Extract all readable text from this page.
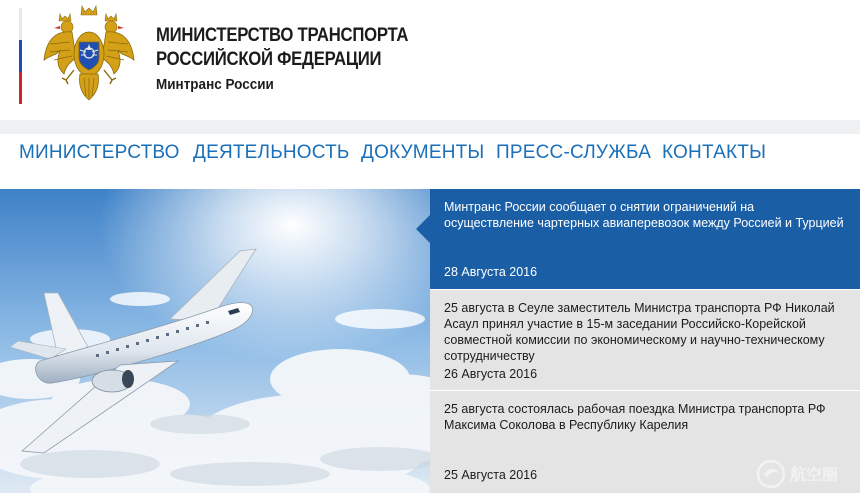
МИНИСТЕРСТВО ТРАНСПОРТА
РОССИЙСКОЙ ФЕДЕРАЦИИ
Минтранс России
МИНИСТЕРСТВО ДЕЯТЕЛЬНОСТЬ ДОКУМЕНТЫ ПРЕСС-СЛУЖБА КОНТАКТЫ
Минтранс России сообщает о снятии ограничений на осуществление чартерных авиаперевозок между Россией и Турцией
28 Августа 2016
25 августа в Сеуле заместитель Министра транспорта РФ Николай Асаул принял участие в 15-м заседании Российско-Корейской совместной комиссии по экономическому и научно-техническому сотрудничеству
26 Августа 2016
25 августа состоялась рабочая поездка Министра транспорта РФ Максима Соколова в Республику Карелия
25 Августа 2016	航空圈
